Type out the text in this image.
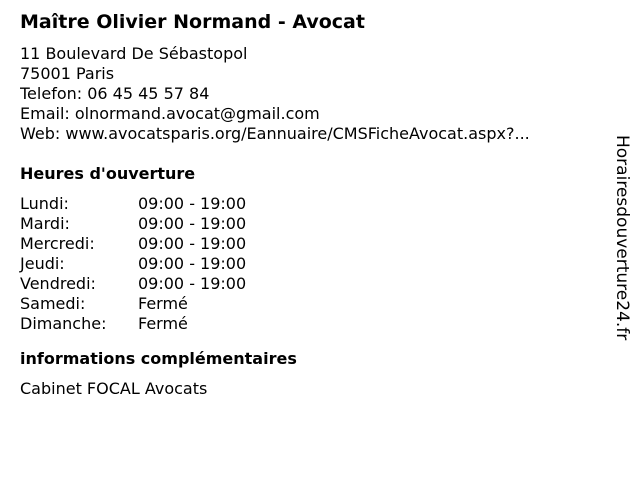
Maître Olivier Normand - Avocat
11 Boulevard De Sébastopol
75001 Paris
Telefon: 06 45 45 57 84
Email: olnormand.avocat@gmail.com
Web: www.avocatsparis.org/Eannuaire/CMSFicheAvocat.aspx?...
Heures d'ouverture
Lundi:	09:00 - 19:00
Mardi:	09:00 - 19:00
Mercredi:	09:00 - 19:00
Jeudi:	09:00 - 19:00
Vendredi:	09:00 - 19:00
Samedi:	Fermé
Dimanche:	Fermé
informations complémentaires
Cabinet FOCAL Avocats
Horairesdouverture24.fr
